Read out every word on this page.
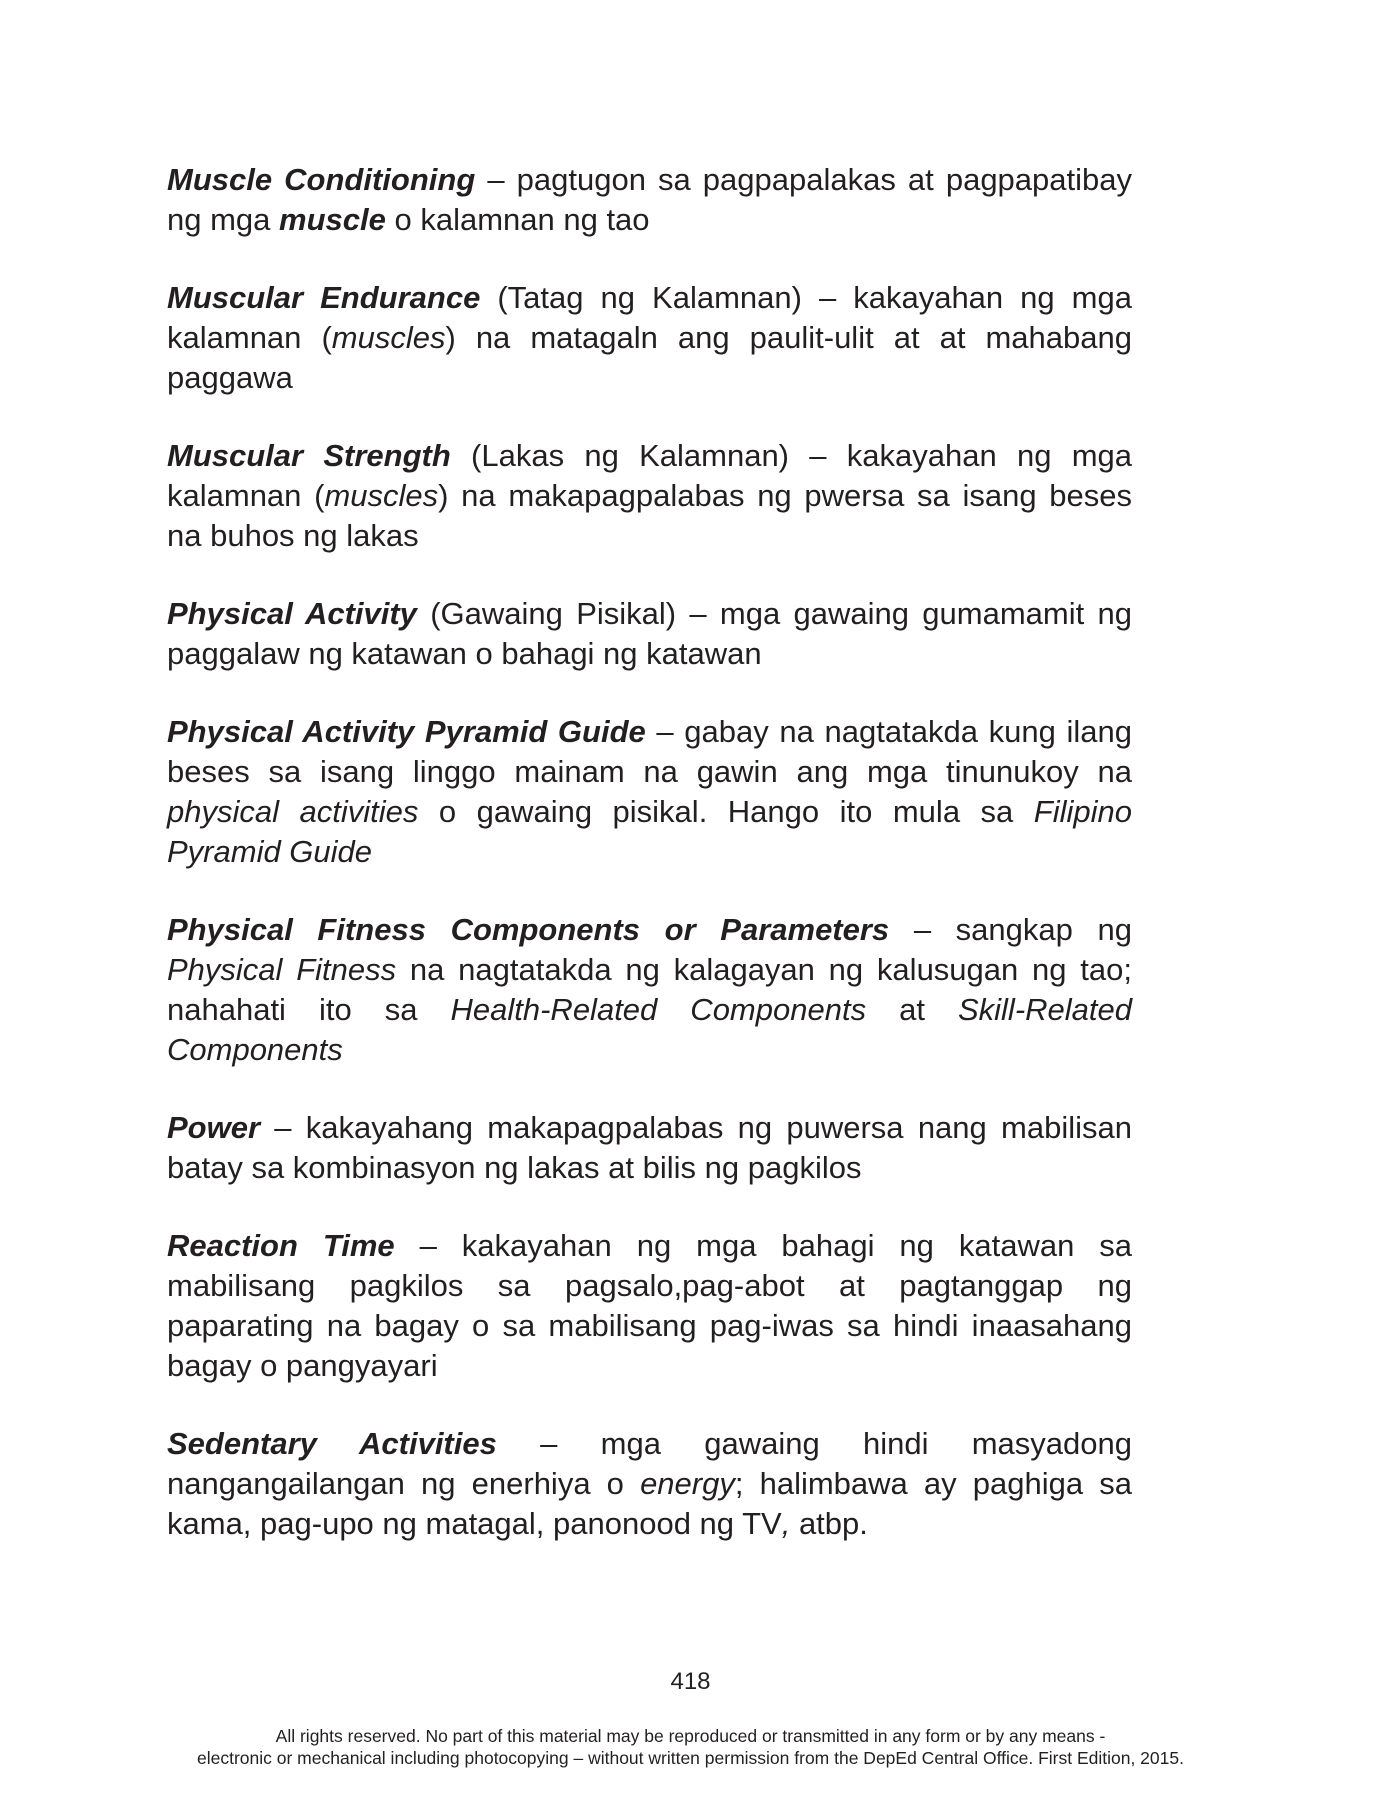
Muscle Conditioning – pagtugon sa pagpapalakas at pagpapatibay ng mga muscle o kalamnan ng tao

Muscular Endurance (Tatag ng Kalamnan) – kakayahan ng mga kalamnan (muscles) na matagaln ang paulit-ulit at at mahabang paggawa

Muscular Strength (Lakas ng Kalamnan) – kakayahan ng mga kalamnan (muscles) na makapagpalabas ng pwersa sa isang beses na buhos ng lakas

Physical Activity (Gawaing Pisikal) – mga gawaing gumamamit ng paggalaw ng katawan o bahagi ng katawan

Physical Activity Pyramid Guide – gabay na nagtatakda kung ilang beses sa isang linggo mainam na gawin ang mga tinunukoy na physical activities o gawaing pisikal. Hango ito mula sa Filipino Pyramid Guide

Physical Fitness Components or Parameters – sangkap ng Physical Fitness na nagtatakda ng kalagayan ng kalusugan ng tao; nahahati ito sa Health-Related Components at Skill-Related Components

Power – kakayahang makapagpalabas ng puwersa nang mabilisan batay sa kombinasyon ng lakas at bilis ng pagkilos

Reaction Time – kakayahan ng mga bahagi ng katawan sa mabilisang pagkilos sa pagsalo,pag-abot at pagtanggap ng paparating na bagay o sa mabilisang pag-iwas sa hindi inaasahang bagay o pangyayari

Sedentary Activities – mga gawaing hindi masyadong nangangailangan ng enerhiya o energy; halimbawa ay paghiga sa kama, pag-upo ng matagal, panonood ng TV, atbp.

418
All rights reserved. No part of this material may be reproduced or transmitted in any form or by any means -
electronic or mechanical including photocopying – without written permission from the DepEd Central Office. First Edition, 2015.
